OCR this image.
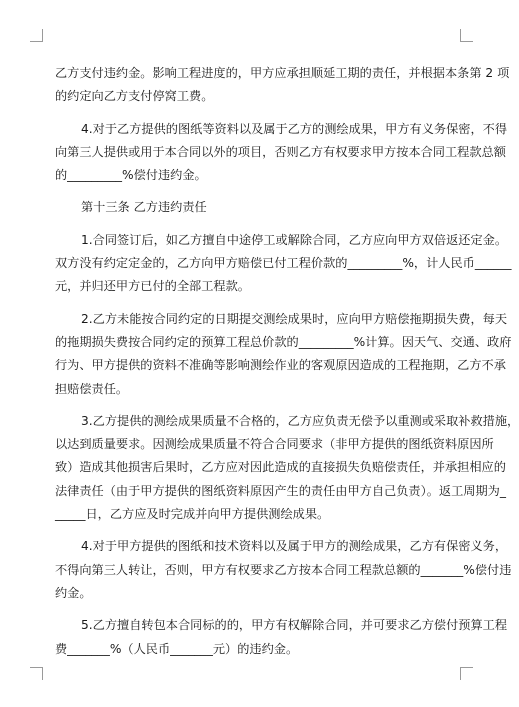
乙方支付违约金。影响工程进度的，甲方应承担顺延工期的责任，并根据本条第 2 项
的约定向乙方支付停窝工费。
4.对于乙方提供的图纸等资料以及属于乙方的测绘成果，甲方有义务保密，不得
向第三人提供或用于本合同以外的项目，否则乙方有权要求甲方按本合同工程款总额
的_________%偿付违约金。
第十三条 乙方违约责任
1.合同签订后，如乙方擅自中途停工或解除合同，乙方应向甲方双倍返还定金。
双方没有约定定金的，乙方向甲方赔偿已付工程价款的_________%，计人民币______
元，并归还甲方已付的全部工程款。
2.乙方未能按合同约定的日期提交测绘成果时，应向甲方赔偿拖期损失费，每天
的拖期损失费按合同约定的预算工程总价款的_________%计算。因天气、交通、政府
行为、甲方提供的资料不准确等影响测绘作业的客观原因造成的工程拖期，乙方不承
担赔偿责任。
3.乙方提供的测绘成果质量不合格的，乙方应负责无偿予以重测或采取补救措施，
以达到质量要求。因测绘成果质量不符合合同要求（非甲方提供的图纸资料原因所
致）造成其他损害后果时，乙方应对因此造成的直接损失负赔偿责任，并承担相应的
法律责任（由于甲方提供的图纸资料原因产生的责任由甲方自己负责）。返工周期为_
_____日，乙方应及时完成并向甲方提供测绘成果。
4.对于甲方提供的图纸和技术资料以及属于甲方的测绘成果，乙方有保密义务，
不得向第三人转让，否则，甲方有权要求乙方按本合同工程款总额的_______%偿付违
约金。
5.乙方擅自转包本合同标的的，甲方有权解除合同，并可要求乙方偿付预算工程
费_______%（人民币_______元）的违约金。
